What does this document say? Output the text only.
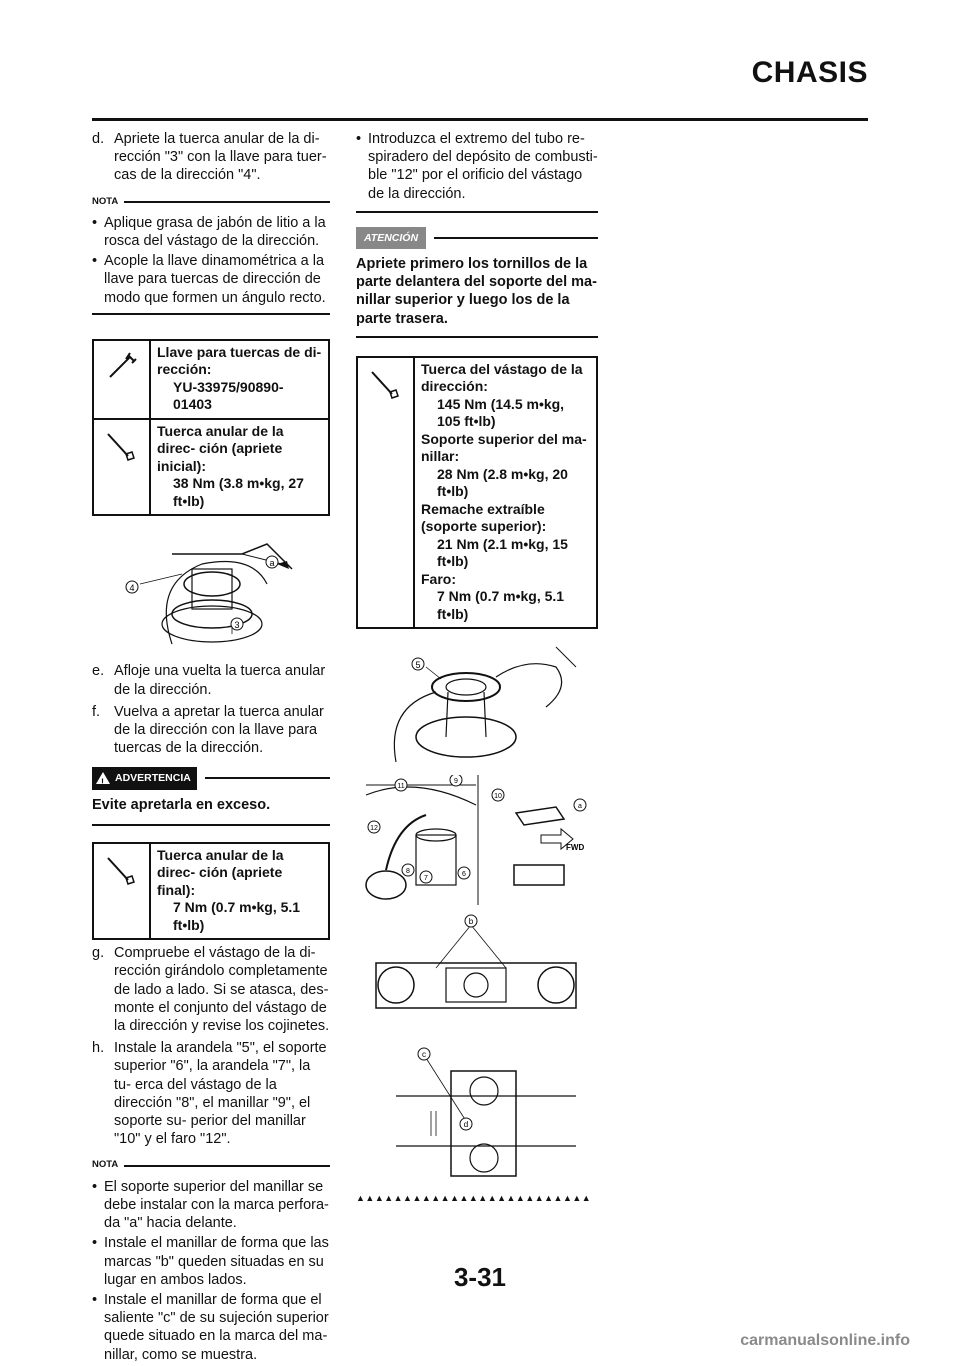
CHASIS
d. Apriete la tuerca anular de la di- rección "3" con la llave para tuer- cas de la dirección "4".
NOTA
• Aplique grasa de jabón de litio a la rosca del vástago de la dirección.
• Acople la llave dinamométrica a la llave para tuercas de dirección de modo que formen un ángulo recto.
Llave para tuercas de di- rección:
YU-33975/90890-01403
Tuerca anular de la direc- ción (apriete inicial):
38 Nm (3.8 m•kg, 27 ft•lb)
4
3
a
e. Afloje una vuelta la tuerca anular de la dirección.
f. Vuelva a apretar la tuerca anular de la dirección con la llave para tuercas de la dirección.
!
ADVERTENCIA
Evite apretarla en exceso.
Tuerca anular de la direc- ción (apriete final):
7 Nm (0.7 m•kg, 5.1 ft•lb)
g. Compruebe el vástago de la di- rección girándolo completamente de lado a lado. Si se atasca, des- monte el conjunto del vástago de la dirección y revise los cojinetes.
h. Instale la arandela "5", el soporte superior "6", la arandela "7", la tu- erca del vástago de la dirección "8", el manillar "9", el soporte su- perior del manillar "10" y el faro "12".
NOTA
• El soporte superior del manillar se debe instalar con la marca perfora- da "a" hacia delante.
• Instale el manillar de forma que las marcas "b" queden situadas en su lugar en ambos lados.
• Instale el manillar de forma que el saliente "c" de su sujeción superior quede situado en la marca del ma- nillar, como se muestra.
• Introduzca el extremo del tubo re- spiradero del depósito de combusti- ble "12" por el orificio del vástago de la dirección.
ATENCIÓN
Apriete primero los tornillos de la parte delantera del soporte del ma- nillar superior y luego los de la parte trasera.
Tuerca del vástago de la dirección:
145 Nm (14.5 m•kg, 105 ft•lb)
Soporte superior del ma- nillar:
28 Nm (2.8 m•kg, 20 ft•lb)
Remache extraíble (soporte superior):
21 Nm (2.1 m•kg, 15 ft•lb)
Faro:
7 Nm (0.7 m•kg, 5.1 ft•lb)
5
FWD
11
9
10
a
12
8
7
6
b
c
d
▲▲▲▲▲▲▲▲▲▲▲▲▲▲▲▲▲▲▲▲▲▲▲▲▲
3-31
carmanualsonline.info
